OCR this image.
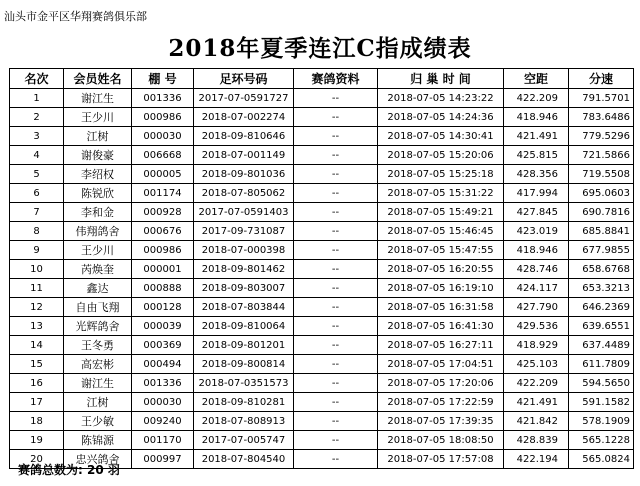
汕头市金平区华翔赛鸽俱乐部
2018年夏季连江C指成绩表
名次	会员姓名	棚 号	足环号码	赛鸽资料	归 巢 时 间	空距	分速
1	谢江生	001336	2017-07-0591727	--	2018-07-05 14:23:22	422.209	791.5701
2	王少川	000986	2018-07-002274	--	2018-07-05 14:24:36	418.946	783.6486
3	江树	000030	2018-09-810646	--	2018-07-05 14:30:41	421.491	779.5296
4	谢俊豪	006668	2018-07-001149	--	2018-07-05 15:20:06	425.815	721.5866
5	李绍权	000005	2018-09-801036	--	2018-07-05 15:25:18	428.356	719.5508
6	陈锐欣	001174	2018-07-805062	--	2018-07-05 15:31:22	417.994	695.0603
7	李和金	000928	2017-07-0591403	--	2018-07-05 15:49:21	427.845	690.7816
8	伟翔鸽舍	000676	2017-09-731087	--	2018-07-05 15:46:45	423.019	685.8841
9	王少川	000986	2018-07-000398	--	2018-07-05 15:47:55	418.946	677.9855
10	芮焕奎	000001	2018-09-801462	--	2018-07-05 16:20:55	428.746	658.6768
11	鑫达	000888	2018-09-803007	--	2018-07-05 16:19:10	424.117	653.3213
12	自由飞翔	000128	2018-07-803844	--	2018-07-05 16:31:58	427.790	646.2369
13	光辉鸽舍	000039	2018-09-810064	--	2018-07-05 16:41:30	429.536	639.6551
14	王冬勇	000369	2018-09-801201	--	2018-07-05 16:27:11	418.929	637.4489
15	高宏彬	000494	2018-09-800814	--	2018-07-05 17:04:51	425.103	611.7809
16	谢江生	001336	2018-07-0351573	--	2018-07-05 17:20:06	422.209	594.5650
17	江树	000030	2018-09-810281	--	2018-07-05 17:22:59	421.491	591.1582
18	王少敏	009240	2018-07-808913	--	2018-07-05 17:39:35	421.842	578.1909
19	陈锦源	001170	2017-07-005747	--	2018-07-05 18:08:50	428.839	565.1228
20	忠兴鸽舍	000997	2018-07-804540	--	2018-07-05 17:57:08	422.194	565.0824
赛鸽总数为: 20 羽
